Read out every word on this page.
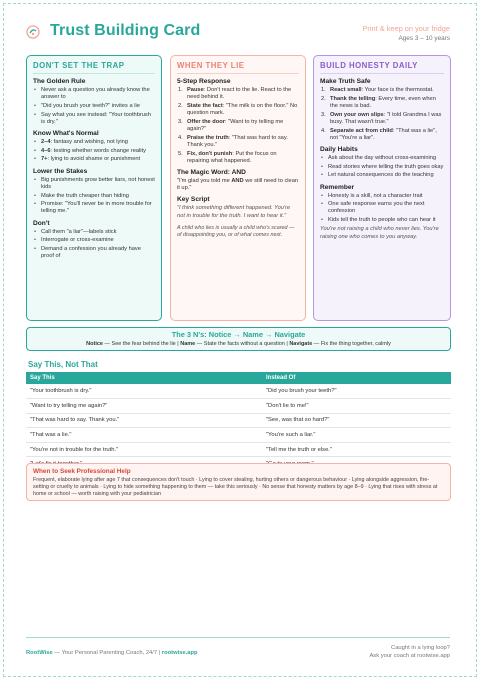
Trust Building Card	Print & keep on your fridge
Ages 3 – 10 years
DON'T SET THE TRAP
The Golden Rule
• Never ask a question you already know the answer to
• "Did you brush your teeth?" invites a lie
• Say what you see instead: "Your toothbrush is dry."
Know What's Normal
• 2–4: fantasy and wishing, not lying
• 4–6: testing whether words change reality
• 7+: lying to avoid shame or punishment
Lower the Stakes
• Big punishments grow better liars, not honest kids
• Make the truth cheaper than hiding
• Promise: "You'll never be in more trouble for telling me."
Don't
• Call them "a liar"—labels stick
• Interrogate or cross-examine
• Demand a confession you already have proof of
WHEN THEY LIE
5-Step Response
1. Pause: Don't react to the lie. React to the need behind it.
2. State the fact: "The milk is on the floor." No question mark.
3. Offer the door: "Want to try telling me again?"
4. Praise the truth: "That was hard to say. Thank you."
5. Fix, don't punish: Put the focus on repairing what happened.
The Magic Word: AND
"I'm glad you told me AND we still need to clean it up."
Key Script
"I think something different happened. You're not in trouble for the truth. I want to hear it."
A child who lies is usually a child who's scared — of disappointing you, or of what comes next.
BUILD HONESTY DAILY
Make Truth Safe
1. React small: Your face is the thermostat.
2. Thank the telling: Every time, even when the news is bad.
3. Own your own slips: "I told Grandma I was busy. That wasn't true."
4. Separate act from child: "That was a lie", not "You're a liar".
Daily Habits
• Ask about the day without cross-examining
• Read stories where telling the truth goes okay
• Let natural consequences do the teaching
Remember
• Honesty is a skill, not a character trait
• One safe response earns you the next confession
• Kids tell the truth to people who can hear it
You're not raising a child who never lies. You're raising one who comes to you anyway.
The 3 N's: Notice → Name → Navigate
Notice — See the fear behind the lie | Name — State the facts without a question | Navigate — Fix the thing together, calmly
Say This, Not That
Say This	Instead Of
"Your toothbrush is dry."	"Did you brush your teeth?"
"Want to try telling me again?"	"Don't lie to me!"
"That was hard to say. Thank you."	"See, was that so hard?"
"That was a lie."	"You're such a liar."
"You're not in trouble for the truth."	"Tell me the truth or else."

When to Seek Professional Help
Frequent, elaborate lying after age 7 that consequences don't touch · Lying to cover stealing, hurting others or dangerous behaviour · Lying alongside aggression, fire-setting or cruelty to animals · Lying to hide something happening to them — take this seriously · No sense that honesty matters by age 8–9 · Lying that rises with stress at home or school — worth raising with your pediatrician
RootWise — Your Personal Parenting Coach, 24/7 | rootwise.app
Caught in a lying loop?
Ask your coach at rootwise.app
